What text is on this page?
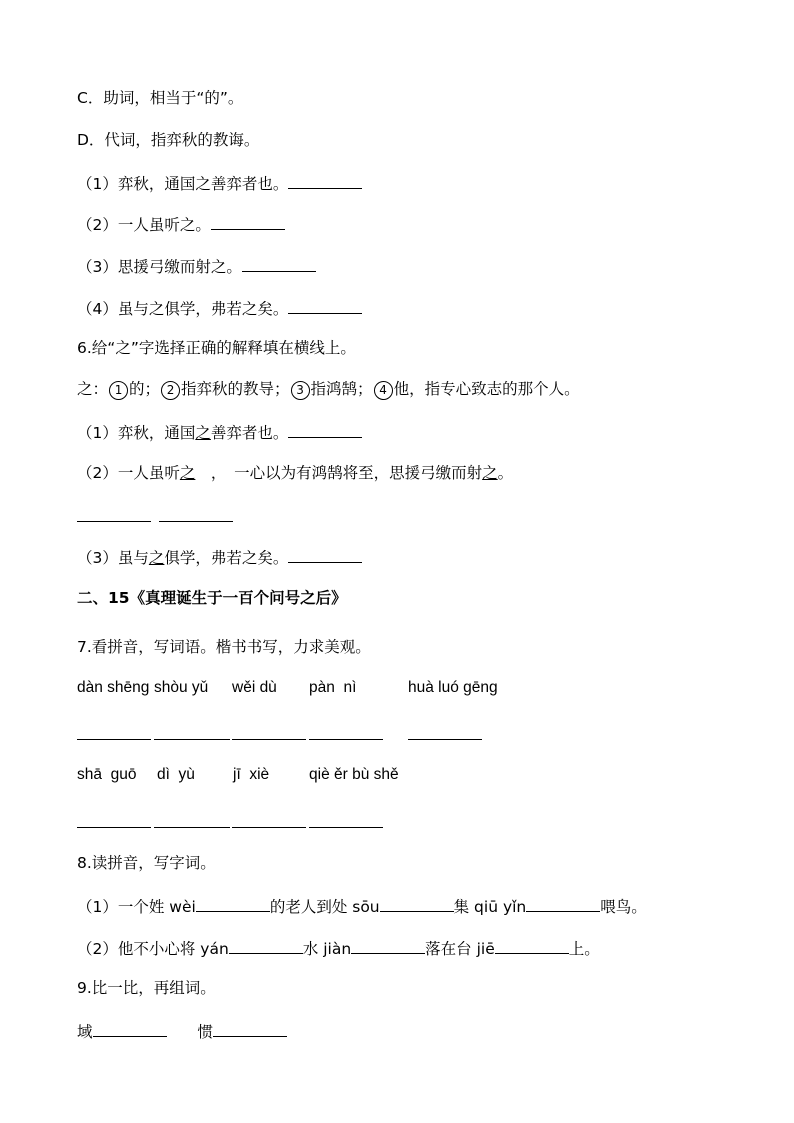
C．助词，相当于“的”。
D．代词，指弈秋的教诲。
（1）弈秋，通国之善弈者也。
（2）一人虽听之。
（3）思援弓缴而射之。
（4）虽与之俱学，弗若之矣。
6.给“之”字选择正确的解释填在横线上。
之： 1 的； 2 指弈秋的教导； 3 指鸿鹄； 4 他，指专心致志的那个人。
（1）弈秋，通国之善弈者也。
（2）一人虽听之　，　一心以为有鸿鹄将至，思援弓缴而射之。
（3）虽与之俱学，弗若之矣。
二、15《真理诞生于一百个问号之后》
7.看拼音，写词语。楷书书写，力求美观。
dàn shēng shòu yǔ wěi dù pàn  nì	huà luó gēng
shā  guō dì  yù jī  xiè	qiè ěr bù shě
8.读拼音，写字词。
（1）一个姓 wèi	的老人到处 sōu	集 qiū yǐn	喂鸟。
（2）他不小心将 yán	水 jiàn	落在台 jiē	上。
9.比一比，再组词。
域　　	惯
